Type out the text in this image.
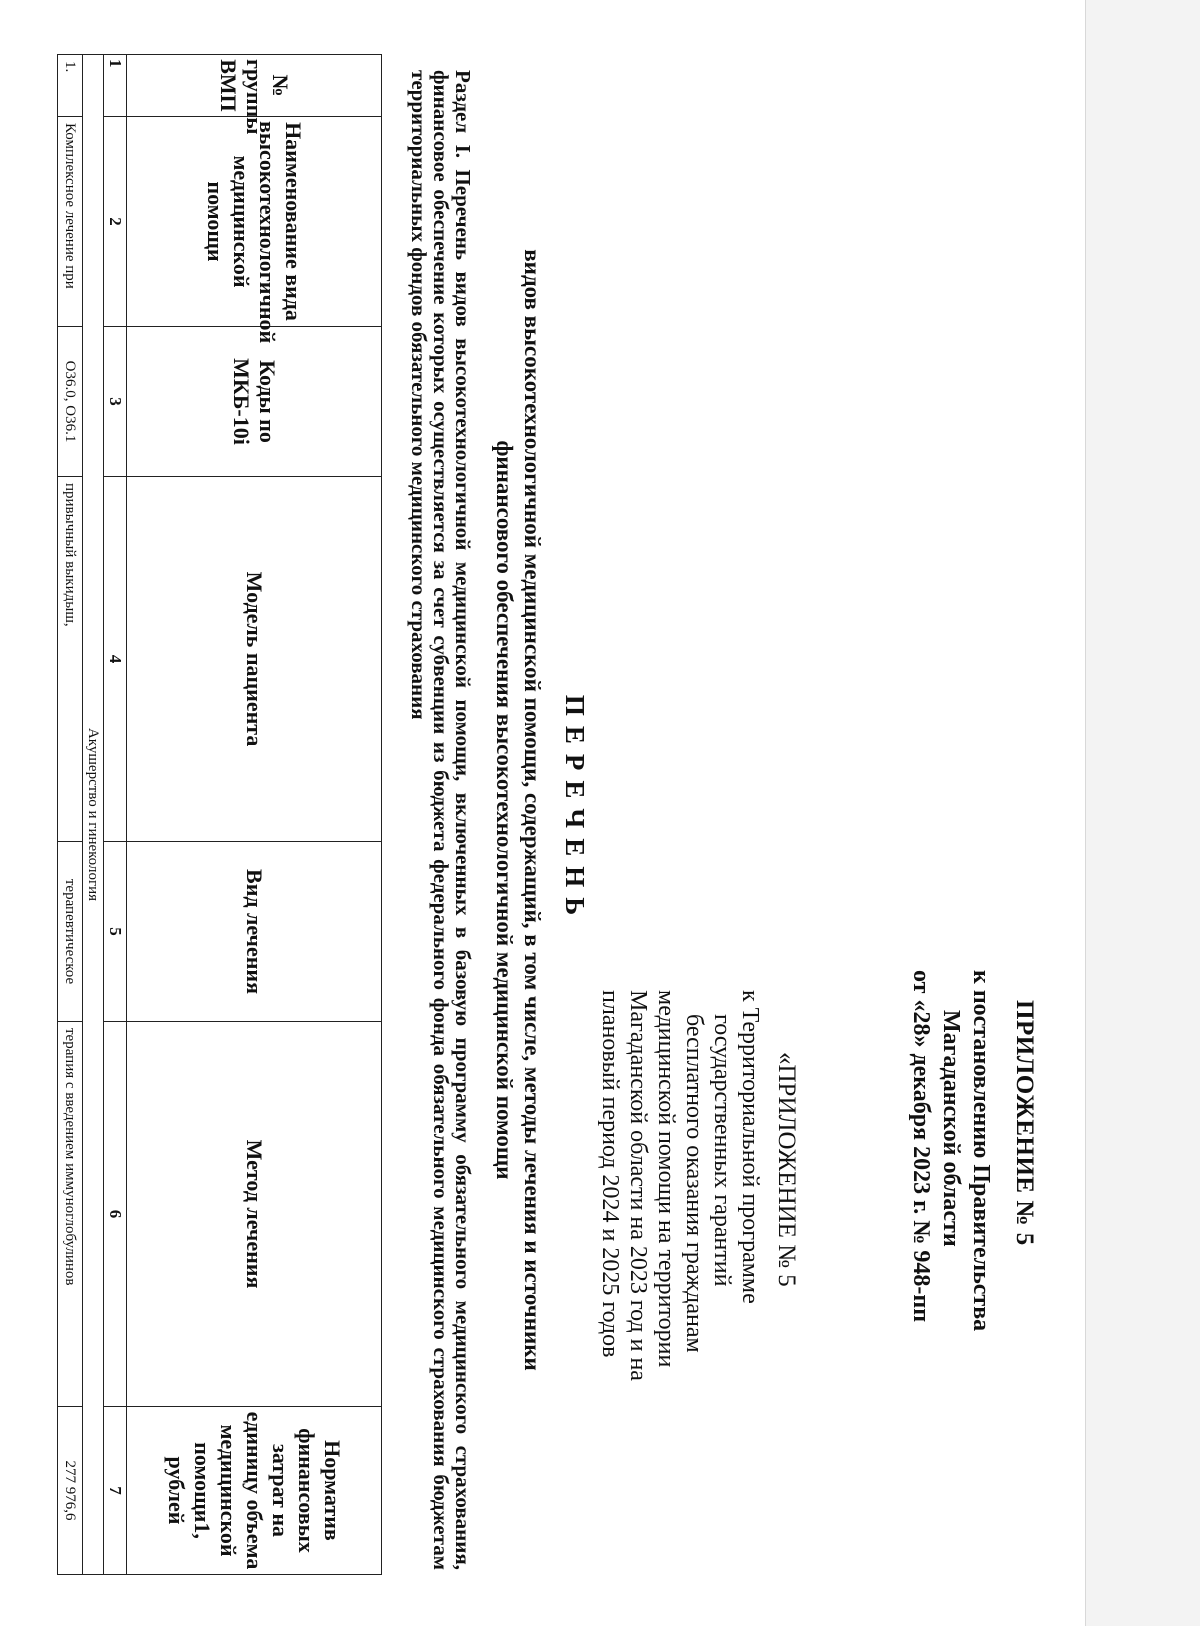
ПРИЛОЖЕНИЕ № 5
к постановлению Правительства
Магаданской области
от «28» декабря 2023 г. № 948-пп
«ПРИЛОЖЕНИЕ № 5
к Территориальной программе
государственных гарантий
бесплатного оказания гражданам
медицинской помощи на территории
Магаданской области на 2023 год и на
плановый период 2024 и 2025 годов
ПЕРЕЧЕНЬ
видов высокотехнологичной медицинской помощи, содержащий, в том числе, методы лечения и источники
финансового обеспечения высокотехнологичной медицинской помощи
Раздел I. Перечень видов высокотехнологичной медицинской помощи, включенных в базовую программу обязательного медицинского страхования, финансовое обеспечение которых осуществляется за счет субвенции из бюджета федерального фонда обязательного медицинского страхования бюджетам территориальных фондов обязательного медицинского страхования
№ группы ВМП	Наименование вида высокотехнологичной медицинской помощи	Коды по МКБ-10i	Модель пациента	Вид лечения	Метод лечения	Норматив финансовых затрат на единицу объема медицинской помощи1, рублей
1	2	3	4	5	6	7
Акушерство и гинекология						
1.	Комплексное лечение при	O36.0, O36.1	привычный выкидыш,	терапевтическое	терапия с введением иммуноглобулинов	277 976,6
